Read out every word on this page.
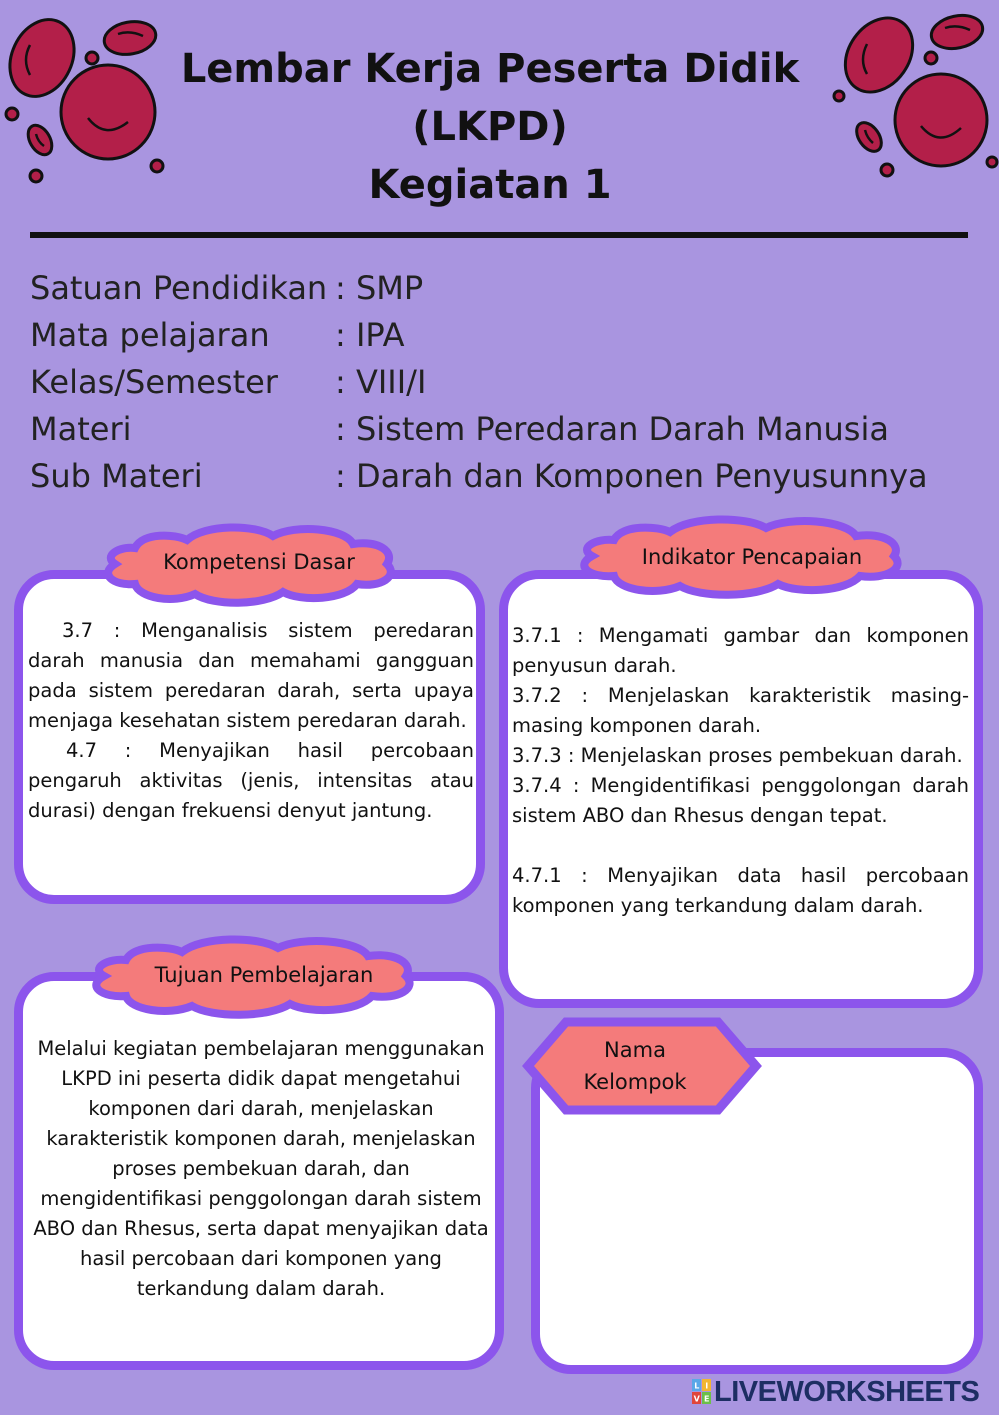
Lembar Kerja Peserta Didik
(LKPD)
Kegiatan 1
Satuan Pendidikan : SMP
Mata pelajaran : IPA
Kelas/Semester : VIII/I
Materi	: Sistem Peredaran Darah Manusia
Sub Materi	: Darah dan Komponen Penyusunnya

3.7 : Menganalisis sistem peredaran darah manusia dan memahami gangguan pada sistem peredaran darah, serta upaya menjaga kesehatan sistem peredaran darah.

4.7 : Menyajikan hasil percobaan pengaruh aktivitas (jenis, intensitas atau durasi) dengan frekuensi denyut jantung.

Kompetensi Dasar

3.7.1 : Mengamati gambar dan komponen penyusun darah.

3.7.2 : Menjelaskan karakteristik masing-masing komponen darah.

3.7.3 : Menjelaskan proses pembekuan darah.

3.7.4 : Mengidentifikasi penggolongan darah sistem ABO dan Rhesus dengan tepat.

4.7.1 : Menyajikan data hasil percobaan komponen yang terkandung dalam darah.

Indikator Pencapaian
Melalui kegiatan pembelajaran menggunakan LKPD ini peserta didik dapat mengetahui komponen dari darah, menjelaskan karakteristik komponen darah, menjelaskan proses pembekuan darah, dan mengidentifikasi penggolongan darah sistem ABO dan Rhesus, serta dapat menyajikan data hasil percobaan dari komponen yang terkandung dalam darah.
Tujuan Pembelajaran
Nama
Kelompok
L I
V E LIVEWORKSHEETS
